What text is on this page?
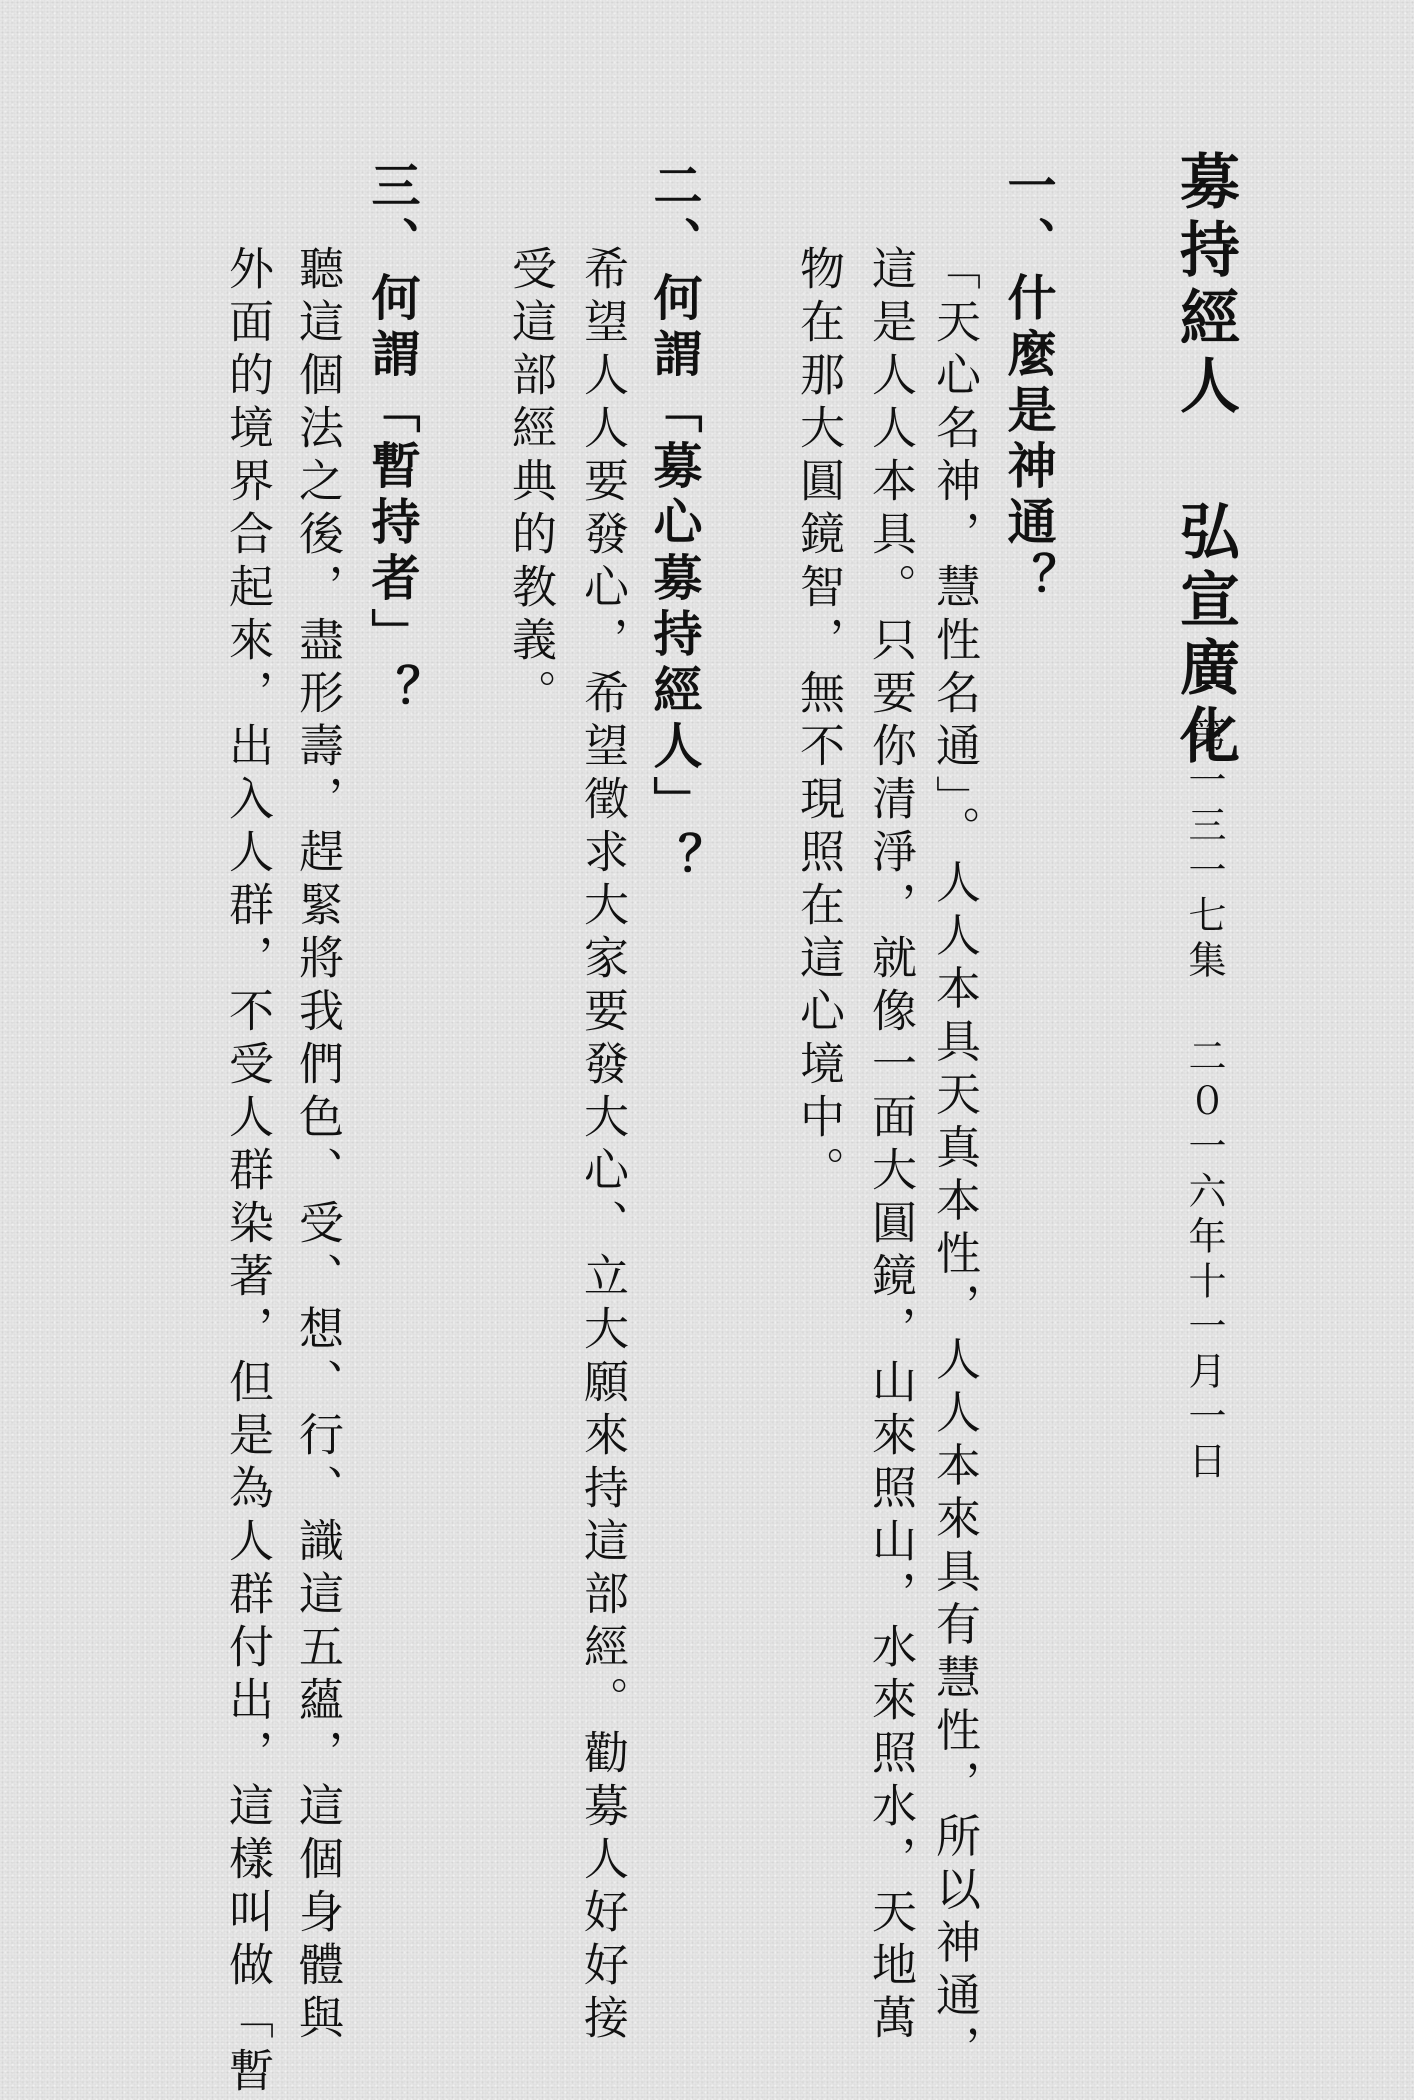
募持經人 弘宣廣化
第一三一七集 二０一六年十一月一日
一、什麼是神通？
「天心名神，慧性名通」。人人本具天真本性，人人本來具有慧性，所以神通，
這是人人本具。只要你清淨，就像一面大圓鏡，山來照山，水來照水，天地萬
物在那大圓鏡智，無不現照在這心境中。
二、何謂「募心募持經人」？
希望人人要發心，希望徵求大家要發大心、立大願來持這部經。勸募人好好接
受這部經典的教義。
三、何謂「暫持者」？
聽這個法之後，盡形壽，趕緊將我們色、受、想、行、識這五蘊，這個身體與
外面的境界合起來，出入人群，不受人群染著，但是為人群付出，這樣叫做「暫
